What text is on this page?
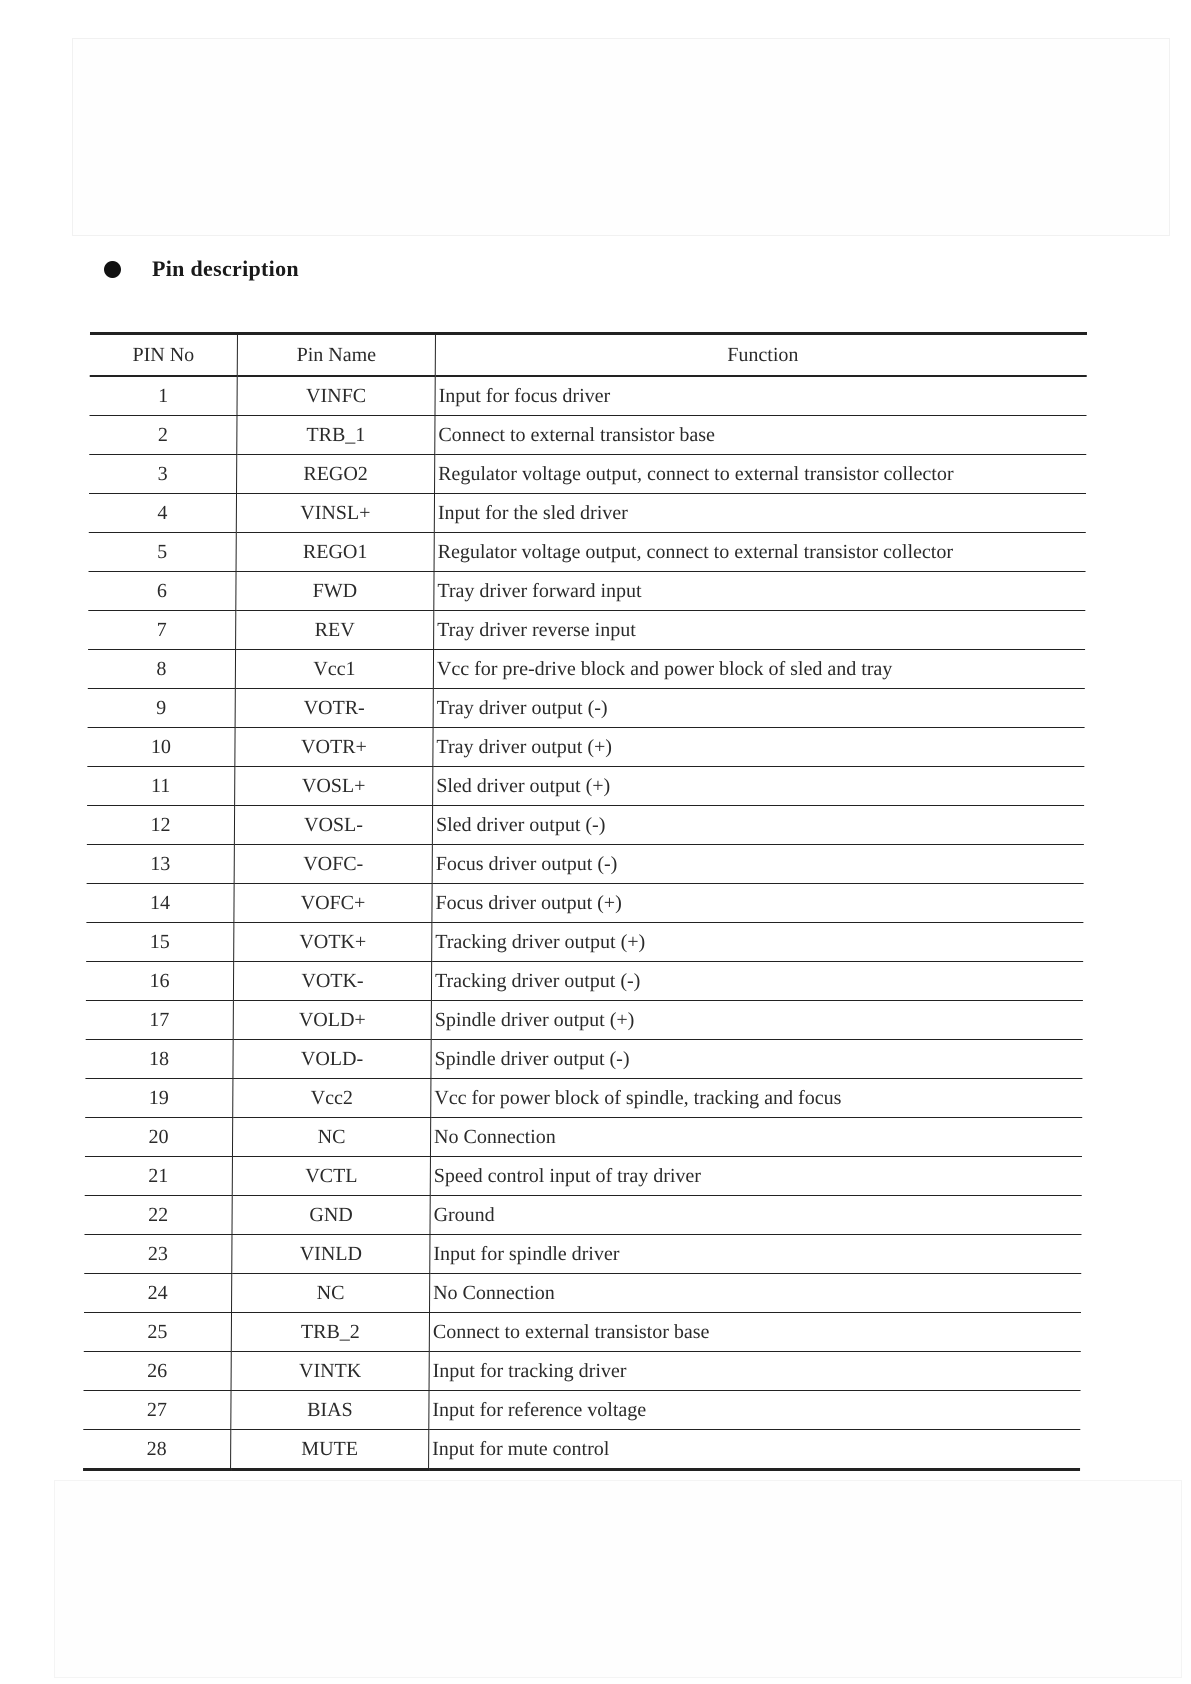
Pin description
PIN No	Pin Name	Function
1	VINFC	Input for focus driver
2	TRB_1	Connect to external transistor base
3	REGO2	Regulator voltage output, connect to external transistor collector
4	VINSL+	Input for the sled driver
5	REGO1	Regulator voltage output, connect to external transistor collector
6	FWD	Tray driver forward input
7	REV	Tray driver reverse input
8	Vcc1	Vcc for pre-drive block and power block of sled and tray
9	VOTR-	Tray driver output (-)
10	VOTR+	Tray driver output (+)
11	VOSL+	Sled driver output (+)
12	VOSL-	Sled driver output (-)
13	VOFC-	Focus driver output (-)
14	VOFC+	Focus driver output (+)
15	VOTK+	Tracking driver output (+)
16	VOTK-	Tracking driver output (-)
17	VOLD+	Spindle driver output (+)
18	VOLD-	Spindle driver output (-)
19	Vcc2	Vcc for power block of spindle, tracking and focus
20	NC	No Connection
21	VCTL	Speed control input of tray driver
22	GND	Ground
23	VINLD	Input for spindle driver
24	NC	No Connection
25	TRB_2	Connect to external transistor base
26	VINTK	Input for tracking driver
27	BIAS	Input for reference voltage
28	MUTE	Input for mute control
